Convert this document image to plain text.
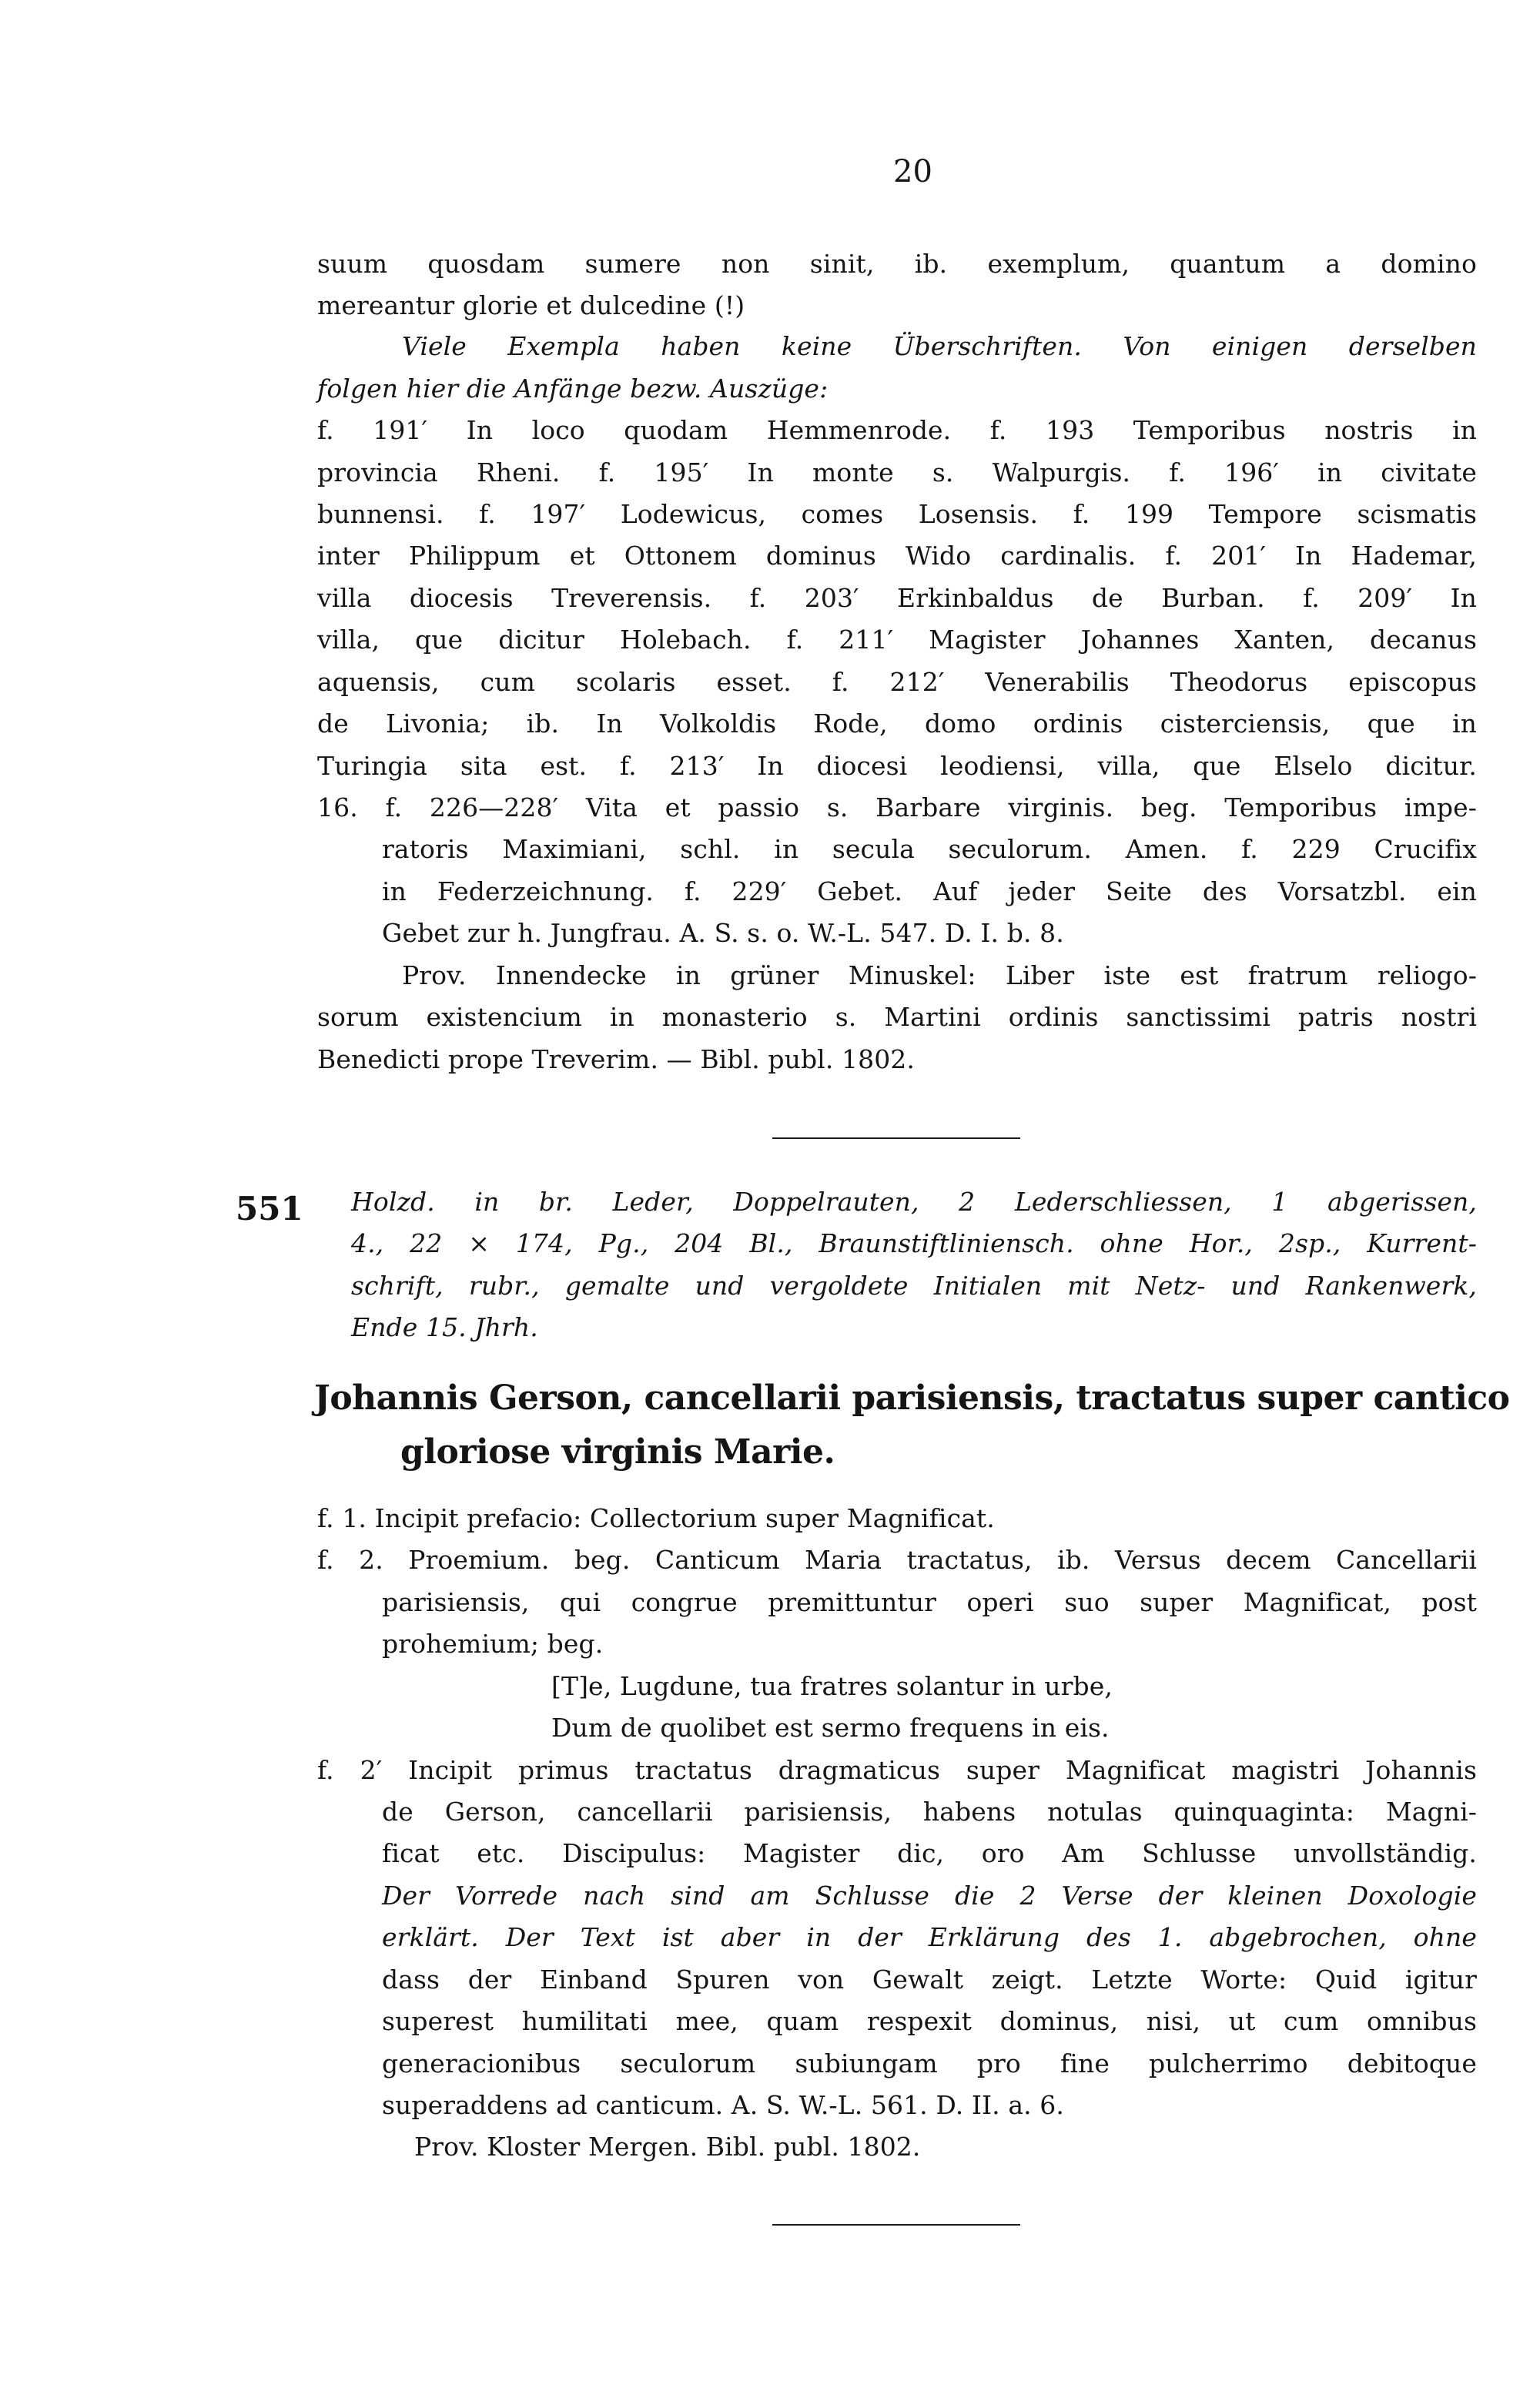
20
suum quosdam sumere non sinit, ib. exemplum, quantum a domino
mereantur glorie et dulcedine (!)
Viele Exempla haben keine Überschriften. Von einigen derselben
folgen hier die Anfänge bezw. Auszüge:
f. 191′ In loco quodam Hemmenrode. f. 193 Temporibus nostris in
provincia Rheni. f. 195′ In monte s. Walpurgis. f. 196′ in civitate
bunnensi. f. 197′ Lodewicus, comes Losensis. f. 199 Tempore scismatis
inter Philippum et Ottonem dominus Wido cardinalis. f. 201′ In Hademar,
villa diocesis Treverensis. f. 203′ Erkinbaldus de Burban. f. 209′ In
villa, que dicitur Holebach. f. 211′ Magister Johannes Xanten, decanus
aquensis, cum scolaris esset. f. 212′ Venerabilis Theodorus episcopus
de Livonia; ib. In Volkoldis Rode, domo ordinis cisterciensis, que in
Turingia sita est. f. 213′ In diocesi leodiensi, villa, que Elselo dicitur.
16. f. 226—228′ Vita et passio s. Barbare virginis. beg. Temporibus impe-
ratoris Maximiani, schl. in secula seculorum. Amen. f. 229 Crucifix
in Federzeichnung. f. 229′ Gebet. Auf jeder Seite des Vorsatzbl. ein
Gebet zur h. Jungfrau. A. S. s. o. W.-L. 547. D. I. b. 8.
Prov. Innendecke in grüner Minuskel: Liber iste est fratrum reliogo-
sorum existencium in monasterio s. Martini ordinis sanctissimi patris nostri
Benedicti prope Treverim. — Bibl. publ. 1802.
551 Holzd. in br. Leder, Doppelrauten, 2 Lederschliessen, 1 abgerissen,
4., 22 × 174, Pg., 204 Bl., Braunstiftliniensch. ohne Hor., 2sp., Kurrent-
schrift, rubr., gemalte und vergoldete Initialen mit Netz- und Rankenwerk,
Ende 15. Jhrh.
Johannis Gerson, cancellarii parisiensis, tractatus super cantico
gloriose virginis Marie.
f. 1. Incipit prefacio: Collectorium super Magnificat.
f. 2. Proemium. beg. Canticum Maria tractatus, ib. Versus decem Cancellarii
parisiensis, qui congrue premittuntur operi suo super Magnificat, post
prohemium; beg.
[T]e, Lugdune, tua fratres solantur in urbe,
Dum de quolibet est sermo frequens in eis.
f. 2′ Incipit primus tractatus dragmaticus super Magnificat magistri Johannis
de Gerson, cancellarii parisiensis, habens notulas quinquaginta: Magni-
ficat etc. Discipulus: Magister dic, oro Am Schlusse unvollständig.
Der Vorrede nach sind am Schlusse die 2 Verse der kleinen Doxologie
erklärt. Der Text ist aber in der Erklärung des 1. abgebrochen, ohne
dass der Einband Spuren von Gewalt zeigt. Letzte Worte: Quid igitur
superest humilitati mee, quam respexit dominus, nisi, ut cum omnibus
generacionibus seculorum subiungam pro fine pulcherrimo debitoque
superaddens ad canticum. A. S. W.-L. 561. D. II. a. 6.
Prov. Kloster Mergen. Bibl. publ. 1802.
